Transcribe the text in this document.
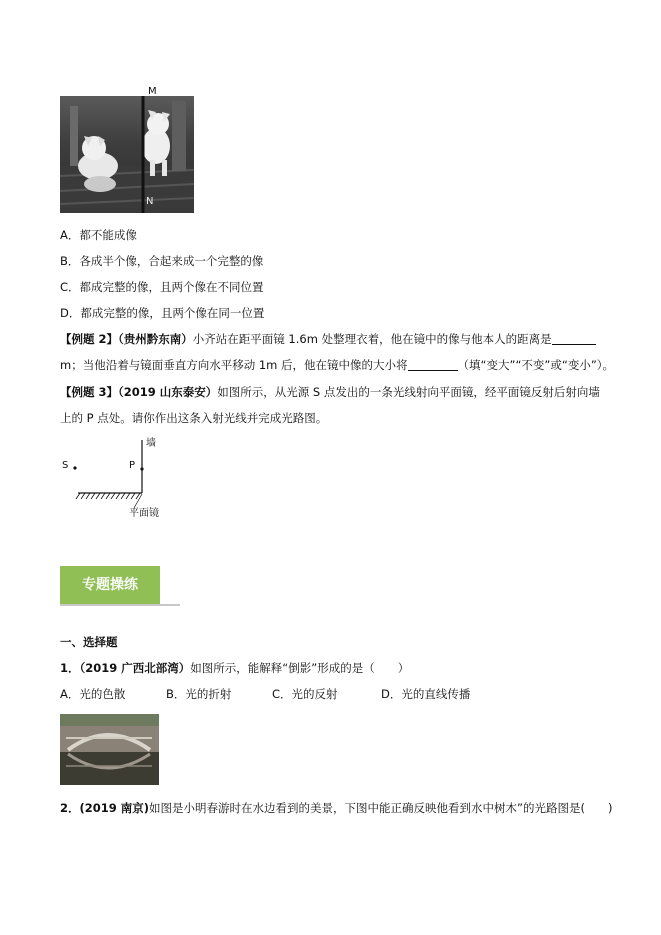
M
N
A．都不能成像
B．各成半个像，合起来成一个完整的像
C．都成完整的像，且两个像在不同位置
D．都成完整的像，且两个像在同一位置
【例题 2】（贵州黔东南）小齐站在距平面镜 1.6m 处整理衣着，他在镜中的像与他本人的距离是
m；当他沿着与镜面垂直方向水平移动 1m 后，他在镜中像的大小将	（填“变大”“不变”或“变小”）。
【例题 3】（2019 山东泰安）如图所示，从光源 S 点发出的一条光线射向平面镜，经平面镜反射后射向墙
上的 P 点处。请你作出这条入射光线并完成光路图。
S	P
墙
平面镜
专题操练
一、选择题
1．（2019 广西北部湾）如图所示，能解释“倒影”形成的是（　　）
A．光的色散	B．光的折射	C．光的反射	D．光的直线传播
2．(2019 南京)如图是小明春游时在水边看到的美景，下图中能正确反映他看到水中树木”的光路图是(　　)
